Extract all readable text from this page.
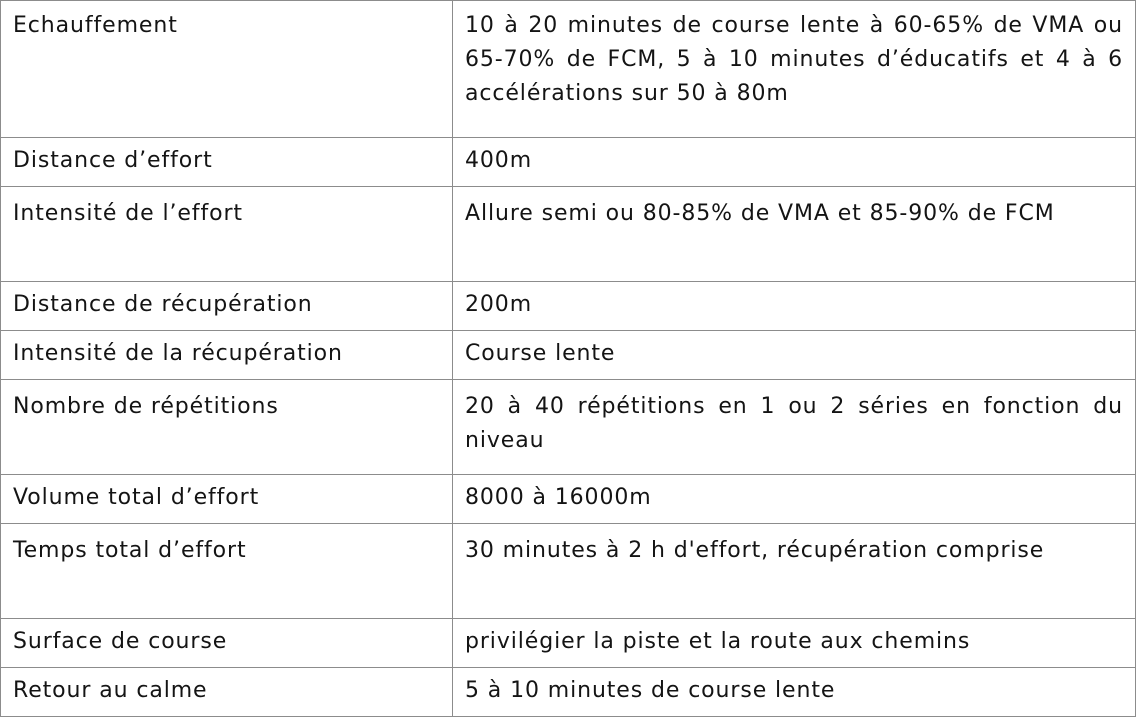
Echauffement	10 à 20 minutes de course lente à 60-65% de VMA ou 65-70% de FCM, 5 à 10 minutes d’éducatifs et 4 à 6 accélérations sur 50 à 80m
Distance d’effort	400m
Intensité de l’effort	Allure semi ou 80-85% de VMA et 85-90% de FCM
Distance de récupération	200m
Intensité de la récupération	Course lente
Nombre de répétitions	20 à 40 répétitions en 1 ou 2 séries en fonction du niveau
Volume total d’effort	8000 à 16000m
Temps total d’effort	30 minutes à 2 h d'effort, récupération comprise
Surface de course	privilégier la piste et la route aux chemins
Retour au calme	5 à 10 minutes de course lente
